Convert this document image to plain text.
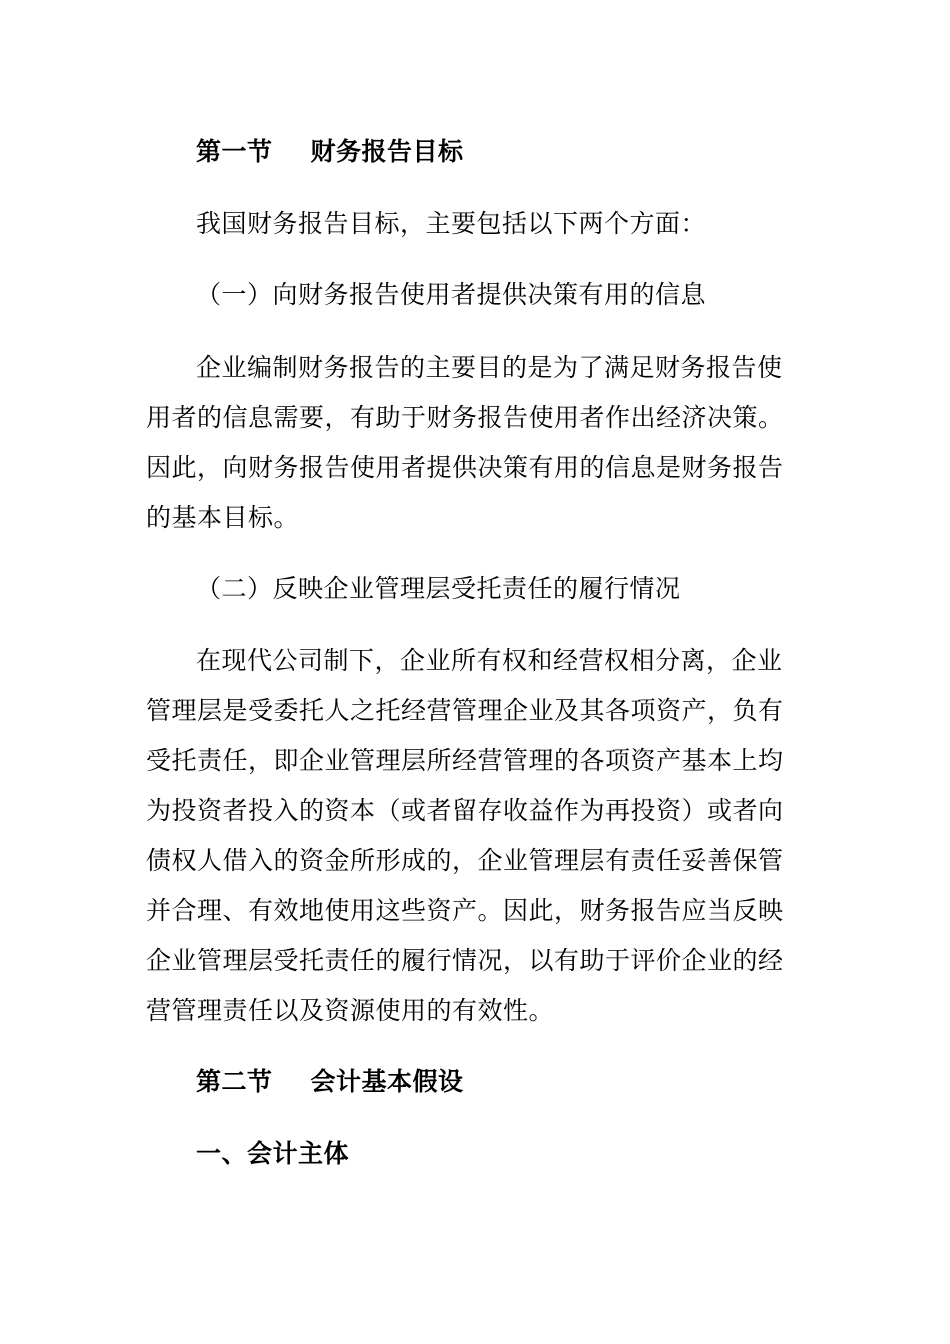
第一节 财务报告目标
我国财务报告目标，主要包括以下两个方面：
（一）向财务报告使用者提供决策有用的信息
企业编制财务报告的主要目的是为了满足财务报告使
用者的信息需要，有助于财务报告使用者作出经济决策。
因此，向财务报告使用者提供决策有用的信息是财务报告
的基本目标。
（二）反映企业管理层受托责任的履行情况
在现代公司制下，企业所有权和经营权相分离，企业
管理层是受委托人之托经营管理企业及其各项资产，负有
受托责任，即企业管理层所经营管理的各项资产基本上均
为投资者投入的资本（或者留存收益作为再投资）或者向
债权人借入的资金所形成的，企业管理层有责任妥善保管
并合理、有效地使用这些资产。因此，财务报告应当反映
企业管理层受托责任的履行情况，以有助于评价企业的经
营管理责任以及资源使用的有效性。
第二节 会计基本假设
一、会计主体
